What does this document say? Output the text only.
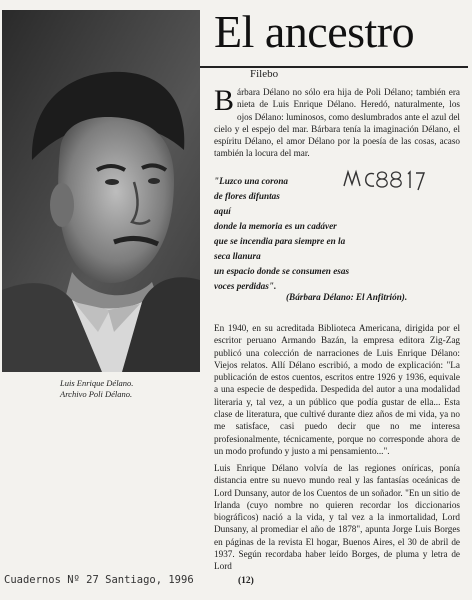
Luis Enrique Délano.
Archivo Poli Délano.
El ancestro
Filebo
Bárbara Délano no sólo era hija de Poli Délano; también era nieta de Luis Enrique Délano. Heredó, naturalmente, los ojos Délano: luminosos, como deslumbrados ante el azul del cielo y el espejo del mar. Bárbara tenía la imaginación Délano, el espíritu Délano, el amor Délano por la poesía de las cosas, acaso también la locura del mar.
"Luzco una corona
de flores difuntas
aquí
donde la memoria es un cadáver
que se incendia para siempre en la
seca llanura
un espacio donde se consumen esas
voces perdidas".
(Bárbara Délano: El Anfitrión).
En 1940, en su acreditada Biblioteca Americana, dirigida por el escritor peruano Armando Bazán, la empresa editora Zig-Zag publicó una colección de narraciones de Luis Enrique Délano: Viejos relatos. Allí Délano escribió, a modo de explicación: "La publicación de estos cuentos, escritos entre 1926 y 1936, equivale a una especie de despedida. Despedida del autor a una modalidad literaria y, tal vez, a un público que podía gustar de ella... Esta clase de literatura, que cultivé durante diez años de mi vida, ya no me satisface, casi puedo decir que no me interesa profesionalmente, técnicamente, porque no corresponde ahora de un modo profundo y justo a mi pensamiento...".
Luis Enrique Délano volvía de las regiones oníricas, ponía distancia entre su nuevo mundo real y las fantasías oceánicas de Lord Dunsany, autor de los Cuentos de un soñador. "En un sitio de Irlanda (cuyo nombre no quieren recordar los diccionarios biográficos) nació a la vida, y tal vez a la inmortalidad, Lord Dunsany, al promediar el año de 1878", apunta Jorge Luis Borges en páginas de la revista El hogar, Buenos Aires, el 30 de abril de 1937. Según recordaba haber leído Borges, de pluma y letra de Lord
Cuadernos Nº 27 Santiago, 1996	(12)
